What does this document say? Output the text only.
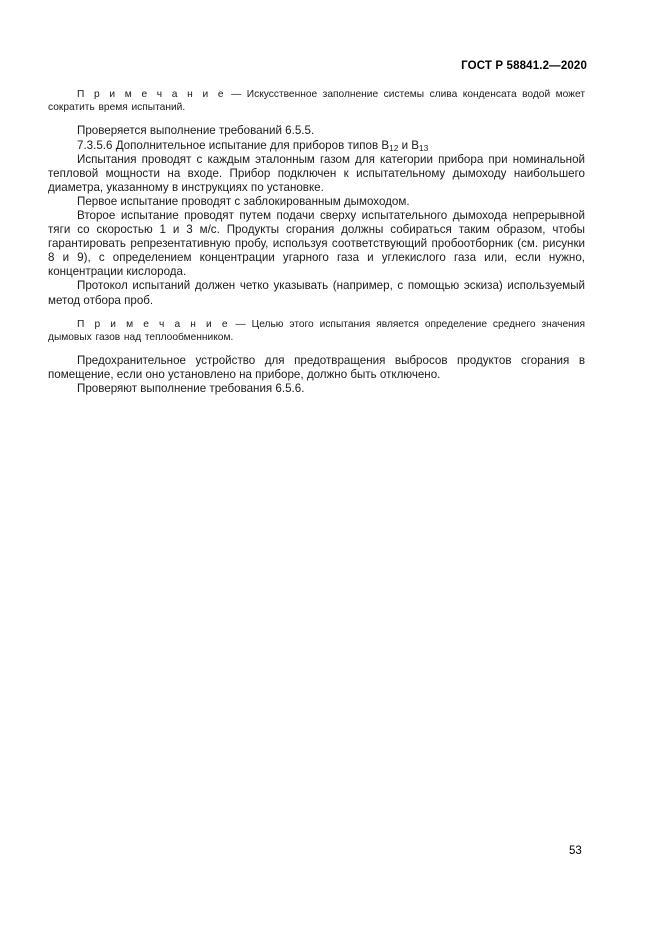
ГОСТ Р 58841.2—2020

П р и м е ч а н и е — Искусственное заполнение системы слива конденсата водой может сократить время испытаний.

Проверяется выполнение требований 6.5.5.

7.3.5.6 Дополнительное испытание для приборов типов $B_{12}$ и $B_{13}$

Испытания проводят с каждым эталонным газом для категории прибора при номинальной тепловой мощности на входе. Прибор подключен к испытательному дымоходу наибольшего диаметра, указанному в инструкциях по установке.

Первое испытание проводят с заблокированным дымоходом.

Второе испытание проводят путем подачи сверху испытательного дымохода непрерывной тяги со скоростью 1 и 3 м/с. Продукты сгорания должны собираться таким образом, чтобы гарантировать репрезентативную пробу, используя соответствующий пробоотборник (см. рисунки 8 и 9), с определением концентрации угарного газа и углекислого газа или, если нужно, концентрации кислорода.

Протокол испытаний должен четко указывать (например, с помощью эскиза) используемый метод отбора проб.

П р и м е ч а н и е — Целью этого испытания является определение среднего значения дымовых газов над теплообменником.

Предохранительное устройство для предотвращения выбросов продуктов сгорания в помещение, если оно установлено на приборе, должно быть отключено.

Проверяют выполнение требования 6.5.6.

53
